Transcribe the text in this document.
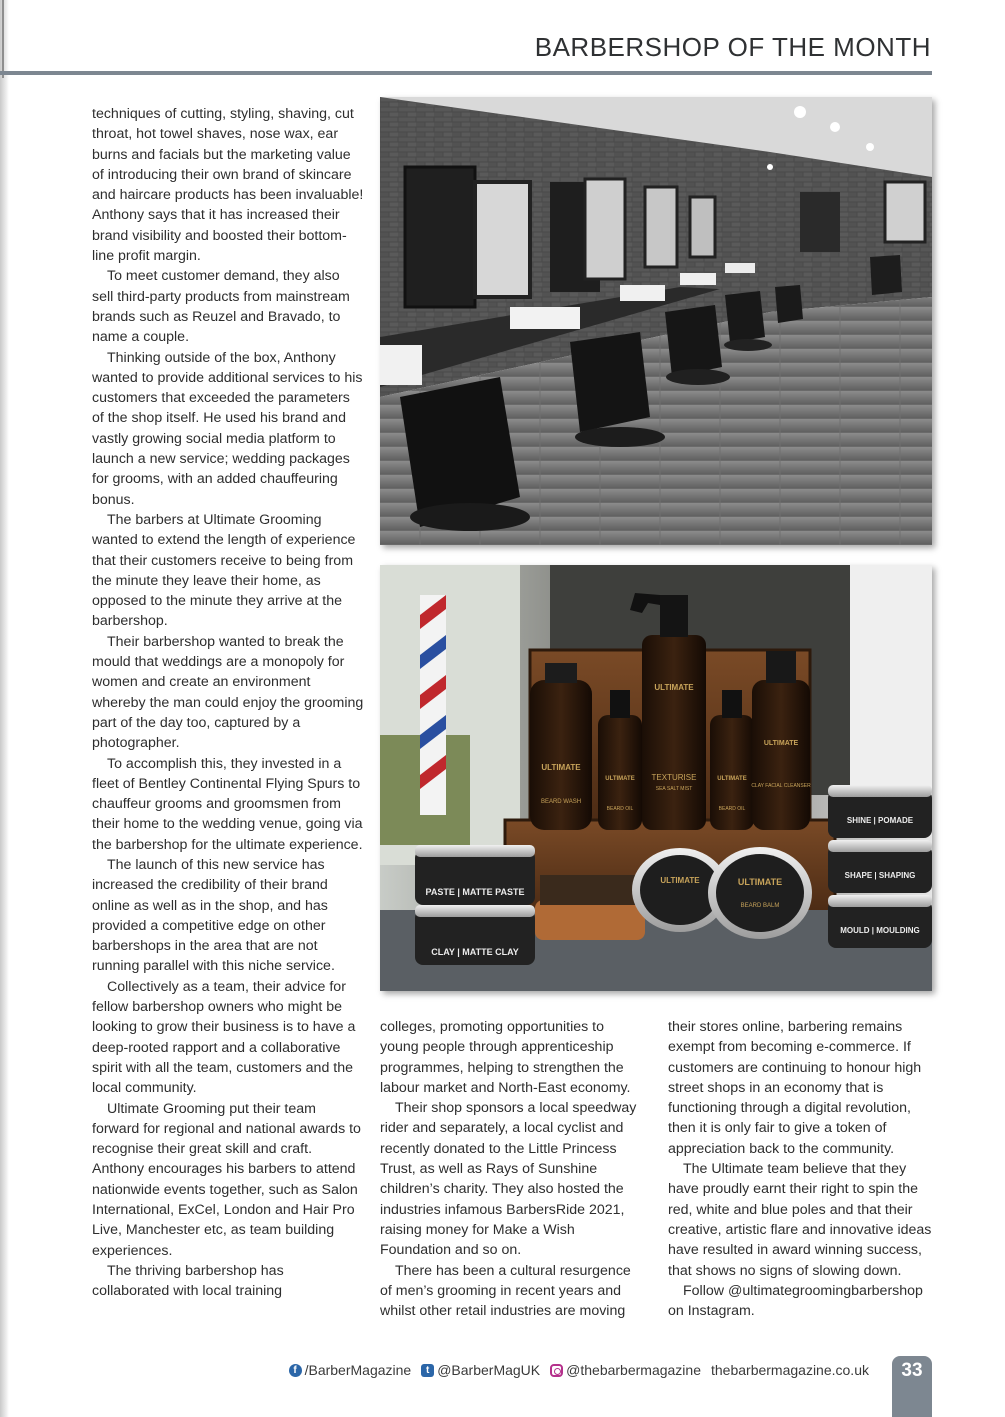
BARBERSHOP OF THE MONTH

techniques of cutting, styling, shaving, cut throat, hot towel shaves, nose wax, ear burns and facials but the marketing value of introducing their own brand of skincare and haircare products has been invaluable! Anthony says that it has increased their brand visibility and boosted their bottom-line profit margin.

To meet customer demand, they also sell third-party products from mainstream brands such as Reuzel and Bravado, to name a couple.

Thinking outside of the box, Anthony wanted to provide additional services to his customers that exceeded the parameters of the shop itself. He used his brand and vastly growing social media platform to launch a new service; wedding packages for grooms, with an added chauffeuring bonus.

The barbers at Ultimate Grooming wanted to extend the length of experience that their customers receive to being from the minute they leave their home, as opposed to the minute they arrive at the barbershop.

Their barbershop wanted to break the mould that weddings are a monopoly for women and create an environment whereby the man could enjoy the grooming part of the day too, captured by a photographer.

To accomplish this, they invested in a fleet of Bentley Continental Flying Spurs to chauffeur grooms and groomsmen from their home to the wedding venue, going via the barbershop for the ultimate experience.

The launch of this new service has increased the credibility of their brand online as well as in the shop, and has provided a competitive edge on other barbershops in the area that are not running parallel with this niche service.

Collectively as a team, their advice for fellow barbershop owners who might be looking to grow their business is to have a deep-rooted rapport and a collaborative spirit with all the team, customers and the local community.

Ultimate Grooming put their team forward for regional and national awards to recognise their great skill and craft. Anthony encourages his barbers to attend nationwide events together, such as Salon International, ExCel, London and Hair Pro Live, Manchester etc, as team building experiences.

The thriving barbershop has collaborated with local training

ULTIMATE
BEARD WASH
ULTIMATE
BEARD OIL
ULTIMATE
TEXTURISE
SEA SALT MIST
ULTIMATE
BEARD OIL
ULTIMATE
CLAY FACIAL CLEANSER
PASTE | MATTE PASTE
CLAY | MATTE CLAY
ULTIMATE	ULTIMATE
BEARD BALM
SHINE | POMADE
SHAPE | SHAPING
MOULD | MOULDING

colleges, promoting opportunities to young people through apprenticeship programmes, helping to strengthen the labour market and North-East economy.

Their shop sponsors a local speedway rider and separately, a local cyclist and recently donated to the Little Princess Trust, as well as Rays of Sunshine children’s charity. They also hosted the industries infamous BarbersRide 2021, raising money for Make a Wish Foundation and so on.

There has been a cultural resurgence of men’s grooming in recent years and whilst other retail industries are moving

their stores online, barbering remains exempt from becoming e-commerce. If customers are continuing to honour high street shops in an economy that is functioning through a digital revolution, then it is only fair to give a token of appreciation back to the community.

The Ultimate team believe that they have proudly earnt their right to spin the red, white and blue poles and that their creative, artistic flare and innovative ideas have resulted in award winning success, that shows no signs of slowing down.

Follow @ultimategroomingbarbershop on Instagram.

f /BarberMagazine	t @BarberMagUK @thebarbermagazine thebarbermagazine.co.uk	33
